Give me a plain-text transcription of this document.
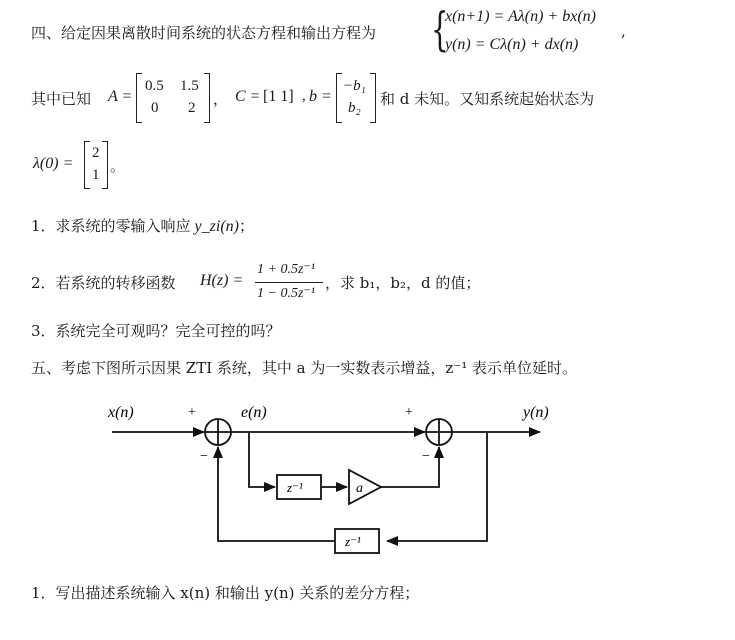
四、给定因果离散时间系统的状态方程和输出方程为 {
x(n+1) = Aλ(n) + bx(n)
y(n) = Cλ(n) + dx(n)
,
其中已知 A =
0.5 1.5
0 2 ， C = [1 1] , b =
−b₁
b₂ 和 d 未知。又知系统起始状态为
λ(0) =
2
1 。
1．求系统的零输入响应 y_zi(n)；
2．若系统的转移函数 H(z) =
1 + 0.5z⁻¹
1 − 0.5z⁻¹
，求 b₁，b₂，d 的值；
3．系统完全可观吗？完全可控的吗？
五、考虑下图所示因果 ZTI 系统，其中 a 为一实数表示增益，z⁻¹ 表示单位延时。
x(n)	+	e(n)	+	y(n)
−	−
z⁻¹	a
z⁻¹
1．写出描述系统输入 x(n) 和输出 y(n) 关系的差分方程；
